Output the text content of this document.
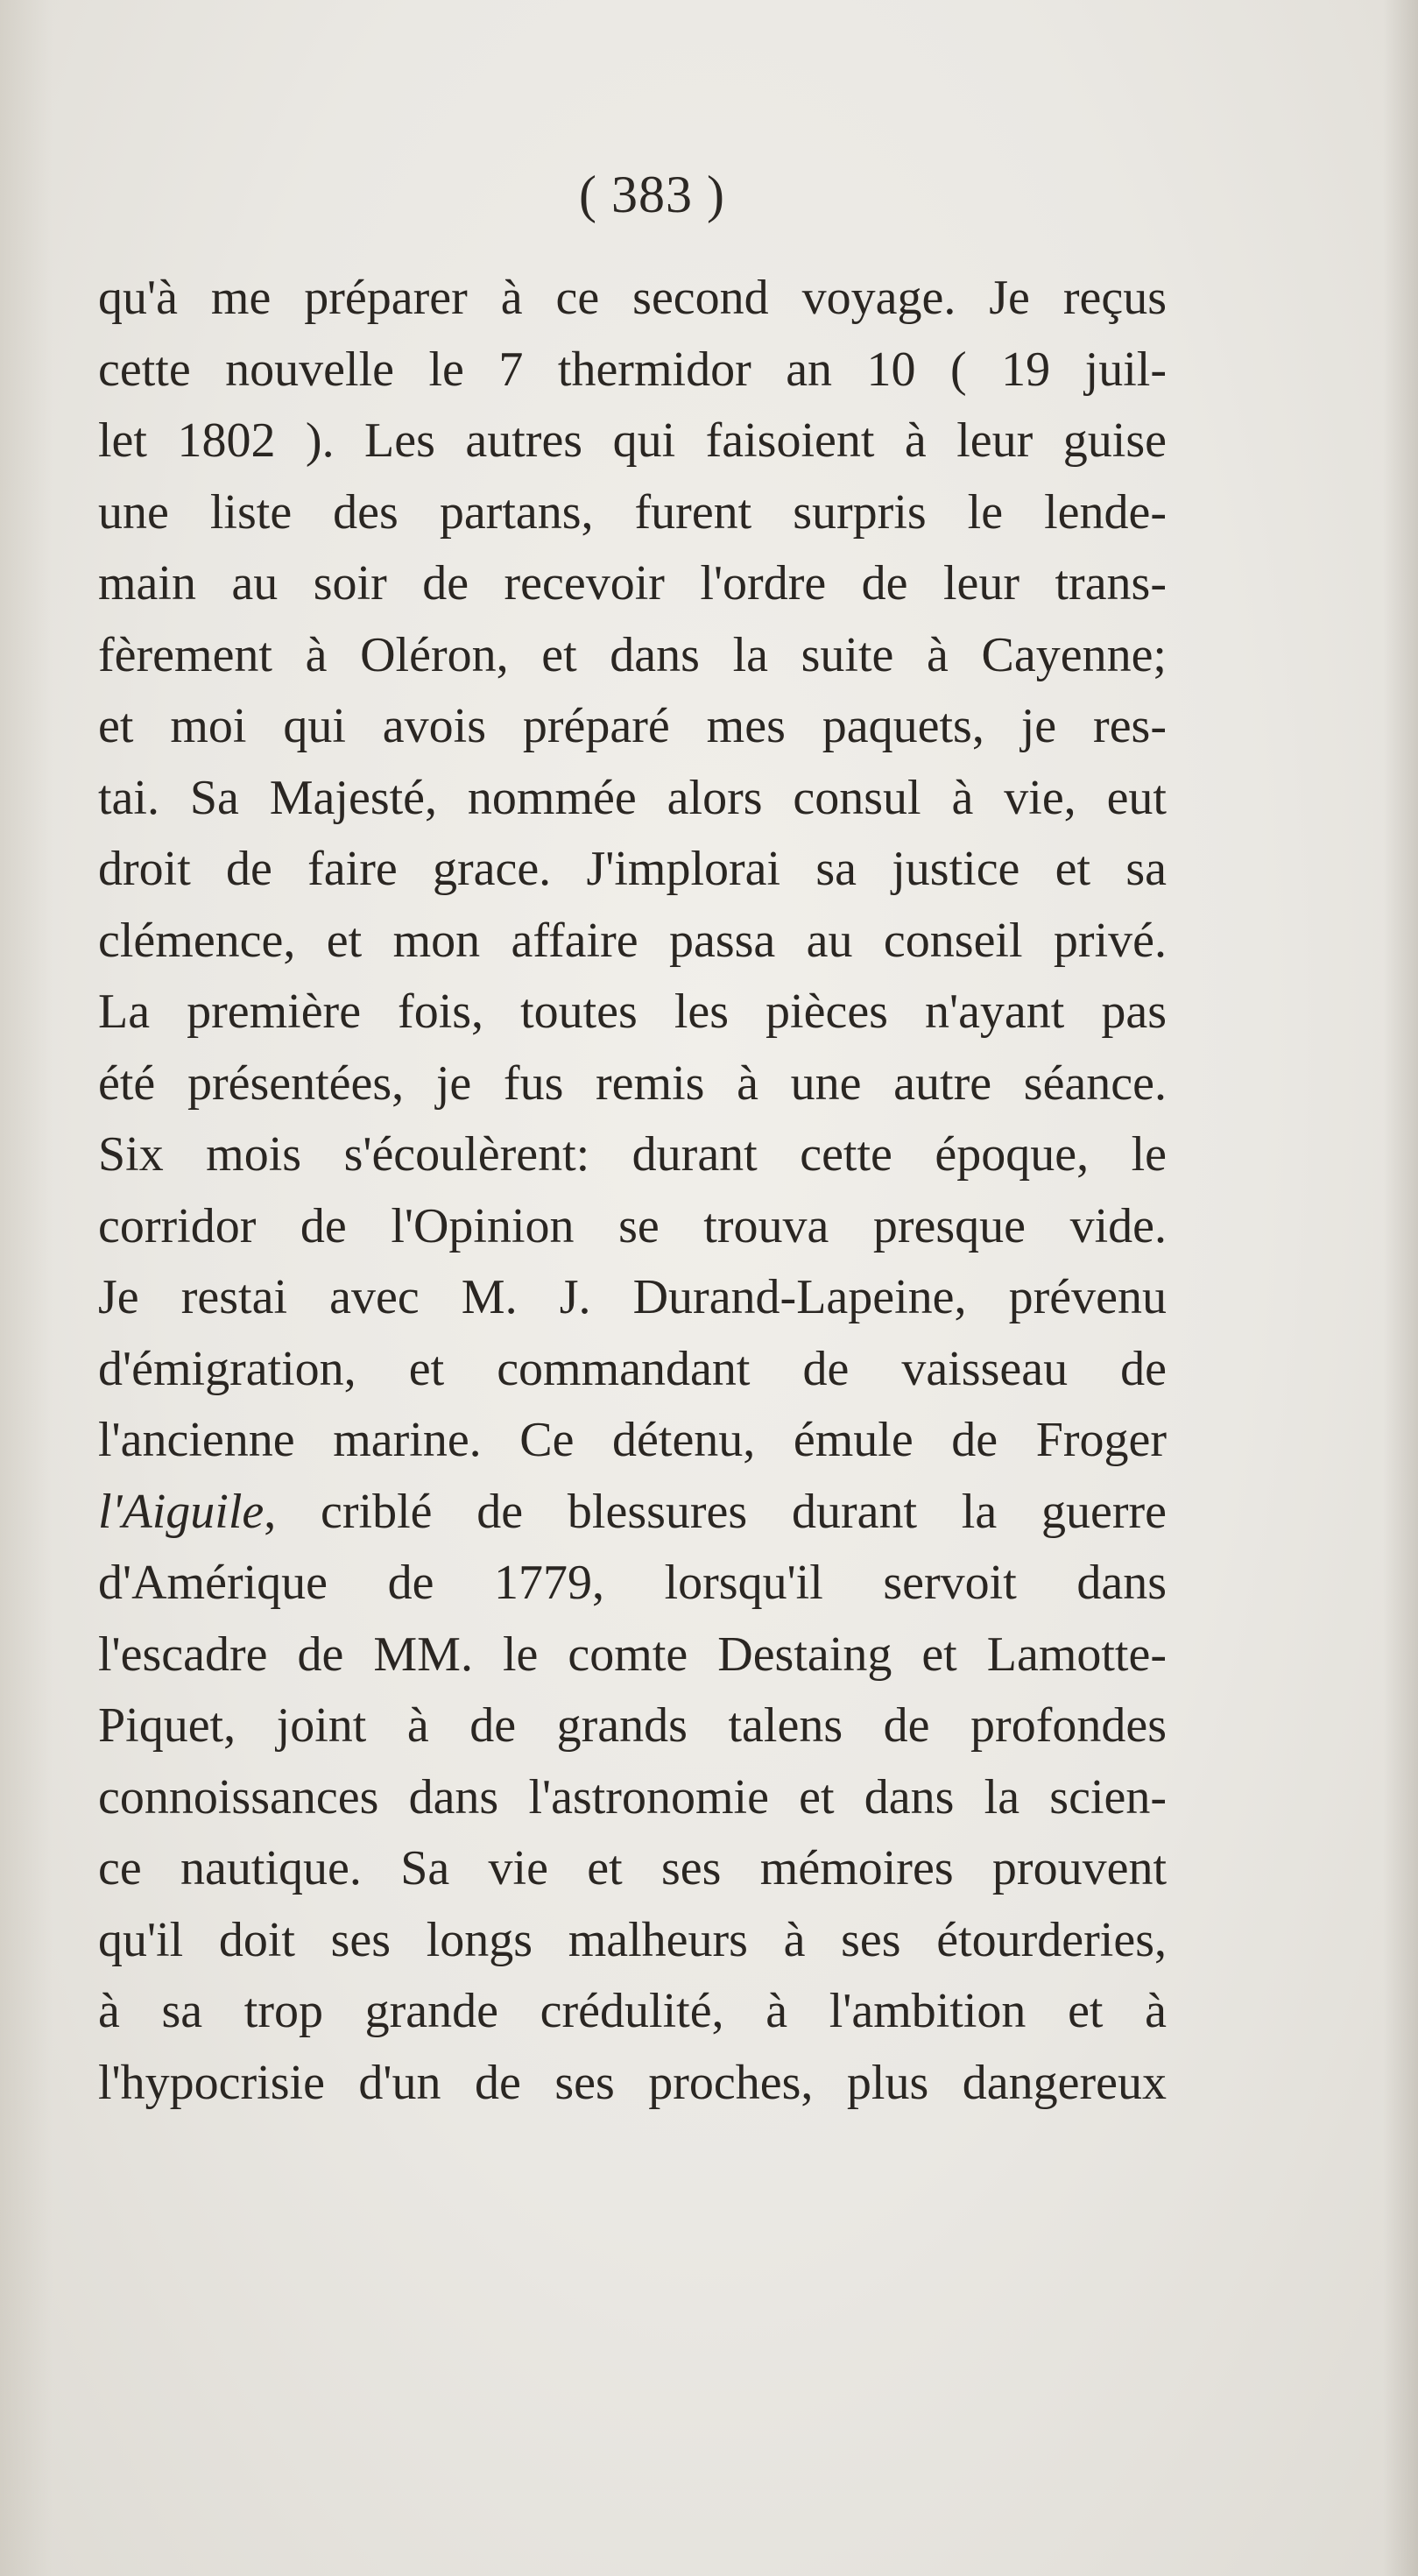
( 383 )
qu'à me préparer à ce second voyage. Je reçus
cette nouvelle le 7 thermidor an 10 ( 19 juil-
let 1802 ). Les autres qui faisoient à leur guise
une liste des partans, furent surpris le lende-
main au soir de recevoir l'ordre de leur trans-
fèrement à Oléron, et dans la suite à Cayenne;
et moi qui avois préparé mes paquets, je res-
tai. Sa Majesté, nommée alors consul à vie, eut
droit de faire grace. J'implorai sa justice et sa
clémence, et mon affaire passa au conseil privé.
La première fois, toutes les pièces n'ayant pas
été présentées, je fus remis à une autre séance.
Six mois s'écoulèrent: durant cette époque, le
corridor de l'Opinion se trouva presque vide.
Je restai avec M. J. Durand-Lapeine, prévenu
d'émigration, et commandant de vaisseau de
l'ancienne marine. Ce détenu, émule de Froger
l'Aiguile, criblé de blessures durant la guerre
d'Amérique de 1779, lorsqu'il servoit dans
l'escadre de MM. le comte Destaing et Lamotte-
Piquet, joint à de grands talens de profondes
connoissances dans l'astronomie et dans la scien-
ce nautique. Sa vie et ses mémoires prouvent
qu'il doit ses longs malheurs à ses étourderies,
à sa trop grande crédulité, à l'ambition et à
l'hypocrisie d'un de ses proches, plus dangereux
